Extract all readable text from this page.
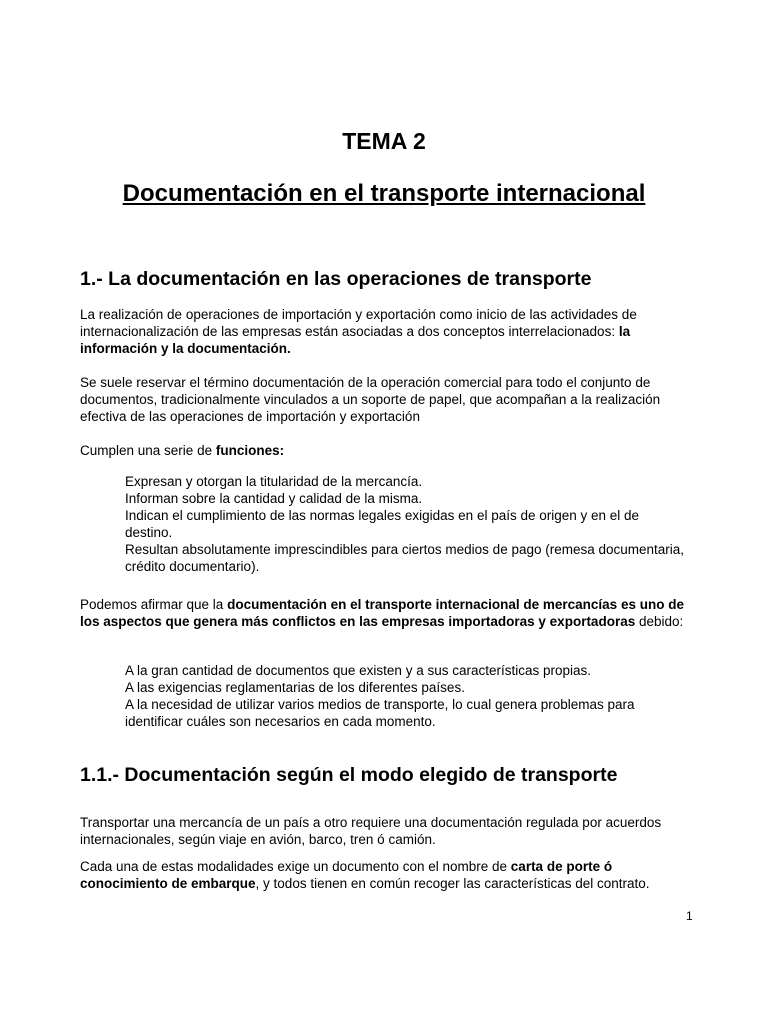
TEMA 2
Documentación en el transporte internacional
1.- La documentación en las operaciones de transporte
La realización de operaciones de importación y exportación como inicio de las actividades de internacionalización de las empresas están asociadas a dos conceptos interrelacionados: la información y la documentación.
Se suele reservar el término documentación de la operación comercial para todo el conjunto de documentos, tradicionalmente vinculados a un soporte de papel, que acompañan a la realización efectiva de las operaciones de importación y exportación
Cumplen una serie de funciones:
Expresan y otorgan la titularidad de la mercancía.
Informan sobre la cantidad y calidad de la misma.
Indican el cumplimiento de las normas legales exigidas en el país de origen y en el de destino.
Resultan absolutamente imprescindibles para ciertos medios de pago (remesa documentaria, crédito documentario).
Podemos afirmar que la documentación en el transporte internacional de mercancías es uno de los aspectos que genera más conflictos en las empresas importadoras y exportadoras debido:
A la gran cantidad de documentos que existen y a sus características propias.
A las exigencias reglamentarias de los diferentes países.
A la necesidad de utilizar varios medios de transporte, lo cual genera problemas para identificar cuáles son necesarios en cada momento.
1.1.- Documentación según el modo elegido de transporte
Transportar una mercancía de un país a otro requiere una documentación regulada por acuerdos internacionales, según viaje en avión, barco, tren ó camión.
Cada una de estas modalidades exige un documento con el nombre de carta de porte ó conocimiento de embarque, y todos tienen en común recoger las características del contrato.
1
